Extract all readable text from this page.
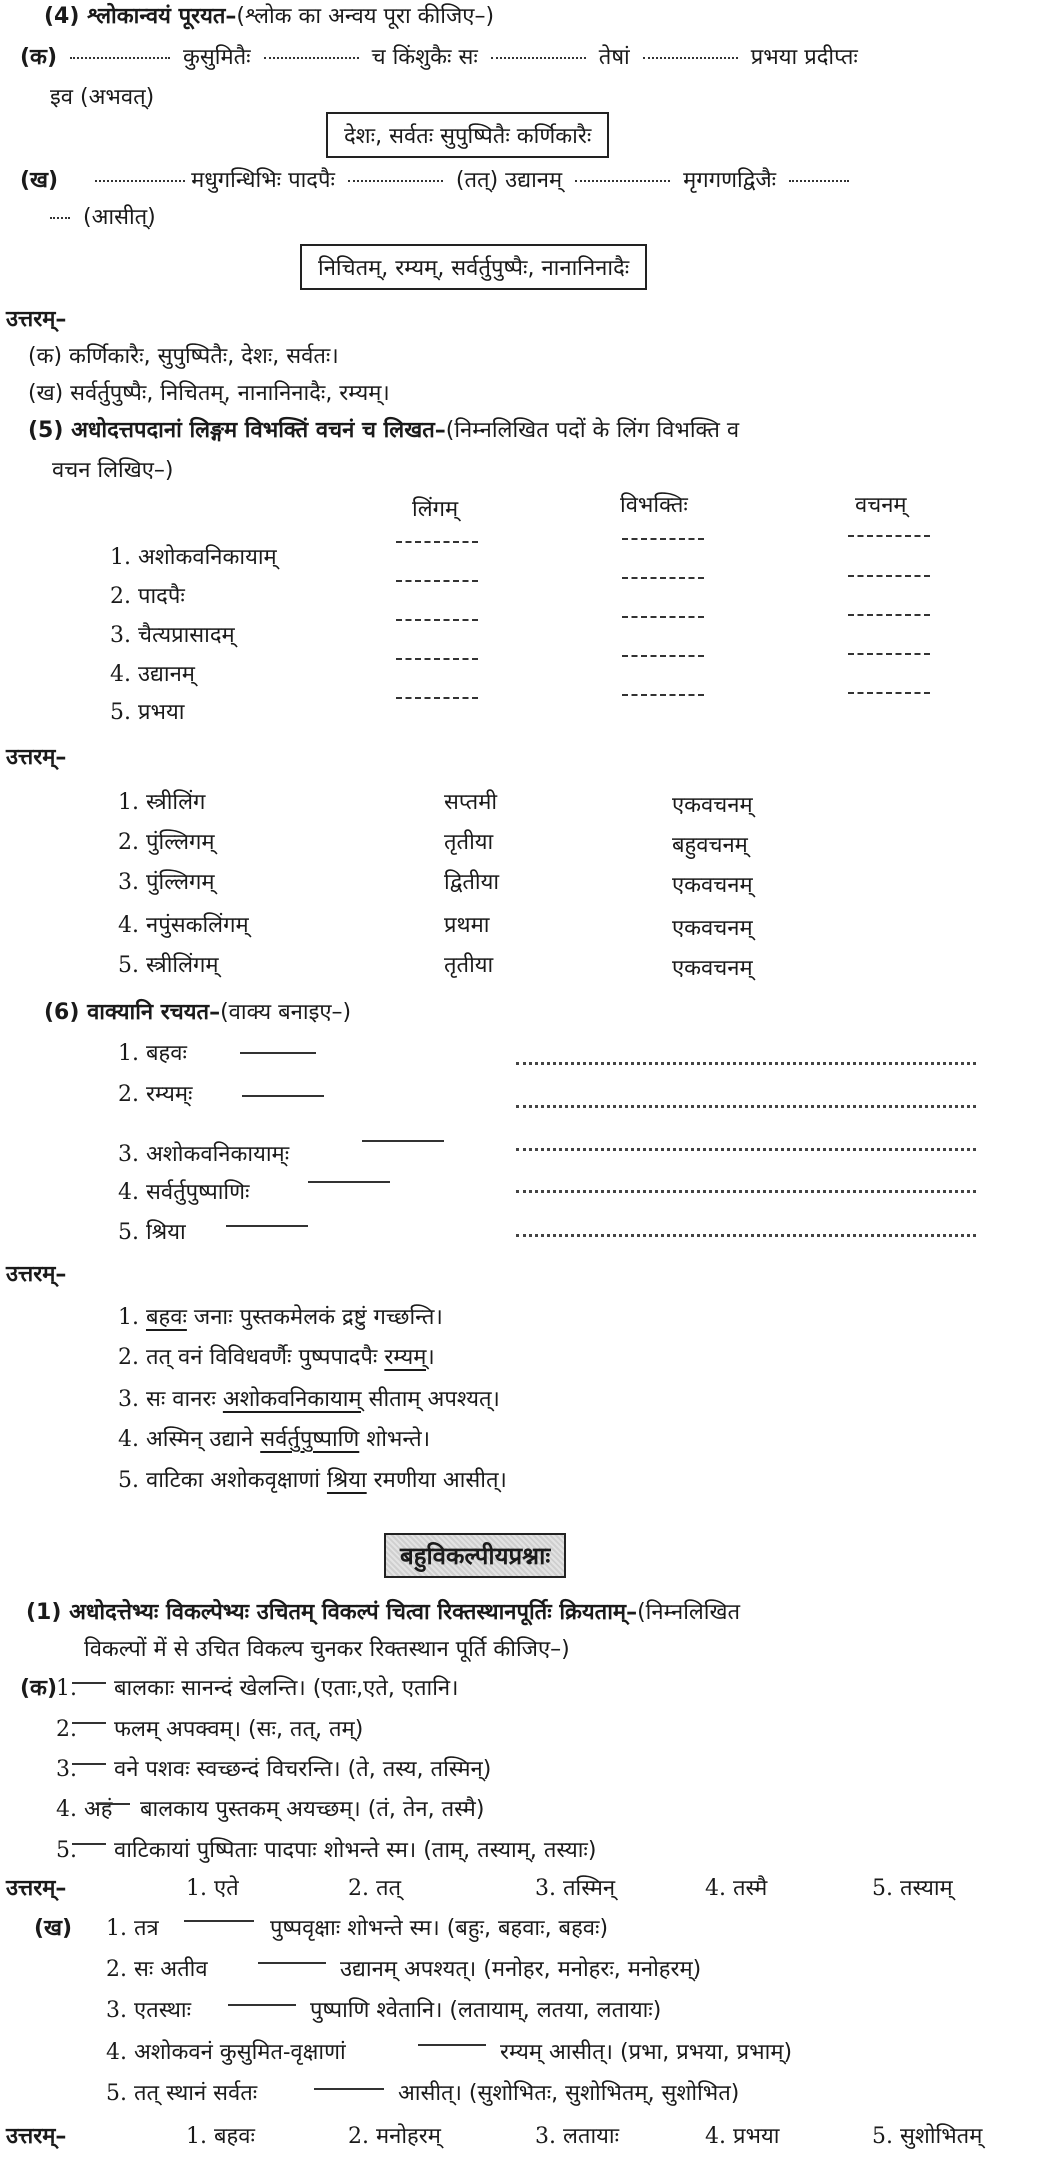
(4) श्लोकान्वयं पूरयत–(श्लोक का अन्वय पूरा कीजिए–)
(क)	कुसुमितैः	च किंशुकैः सः	तेषां	प्रभया प्रदीप्तः
इव (अभवत्)
देशः, सर्वतः सुपुष्पितैः कर्णिकारैः
(ख)	मधुगन्धिभिः पादपैः	(तत्) उद्यानम्	मृगगणद्विजैः
(आसीत्)
निचितम्, रम्यम्, सर्वर्तुपुष्पैः, नानानिनादैः
उत्तरम्–
(क) कर्णिकारैः, सुपुष्पितैः, देशः, सर्वतः।
(ख) सर्वर्तुपुष्पैः, निचितम्, नानानिनादैः, रम्यम्।
(5) अधोदत्तपदानां लिङ्गम विभक्तिं वचनं च लिखत–(निम्नलिखित पदों के लिंग विभक्ति व
वचन लिखिए–)
लिंगम्	विभक्तिः	वचनम्
1. अशोकवनिकायाम्
2. पादपैः
3. चैत्यप्रासादम्
4. उद्यानम्
5. प्रभया
उत्तरम्–
1. स्त्रीलिंग	सप्तमी	एकवचनम्
2. पुंल्लिगम्	तृतीया	बहुवचनम्
3. पुंल्लिगम्	द्वितीया	एकवचनम्
4. नपुंसकलिंगम्	प्रथमा	एकवचनम्
5. स्त्रीलिंगम्	तृतीया	एकवचनम्
(6) वाक्यानि रचयत–(वाक्य बनाइए–)
1. बहवः
2. रम्यम्ः
3. अशोकवनिकायाम्ः
4. सर्वर्तुपुष्पाणिः
5. श्रिया
उत्तरम्–
1. बहवः जनाः पुस्तकमेलकं द्रष्टुं गच्छन्ति।
2. तत् वनं विविधवर्णैः पुष्पपादपैः रम्यम्।
3. सः वानरः अशोकवनिकायाम् सीताम् अपश्यत्।
4. अस्मिन् उद्याने सर्वर्तुपुष्पाणि शोभन्ते।
5. वाटिका अशोकवृक्षाणां श्रिया रमणीया आसीत्।
बहुविकल्पीयप्रश्नाः
(1) अधोदत्तेभ्यः विकल्पेभ्यः उचितम् विकल्पं चित्वा रिक्तस्थानपूर्तिः क्रियताम्–(निम्नलिखित
विकल्पों में से उचित विकल्प चुनकर रिक्तस्थान पूर्ति कीजिए–)
(क)
1. बालकाः सानन्दं खेलन्ति। (एताः,एते, एतानि।
2. फलम् अपक्वम्। (सः, तत्, तम्)
3. वने पशवः स्वच्छन्दं विचरन्ति। (ते, तस्य, तस्मिन्)
4. अहं बालकाय पुस्तकम् अयच्छम्। (तं, तेन, तस्मै)
5. वाटिकायां पुष्पिताः पादपाः शोभन्ते स्म। (ताम्, तस्याम्, तस्याः)
उत्तरम्–	1. एते	2. तत्	3. तस्मिन्	4. तस्मै	5. तस्याम्
(ख) 1. तत्र	पुष्पवृक्षाः शोभन्ते स्म। (बहुः, बहवाः, बहवः)
2. सः अतीव	उद्यानम् अपश्यत्। (मनोहर, मनोहरः, मनोहरम्)
3. एतस्थाः	पुष्पाणि श्वेतानि। (लतायाम्, लतया, लतायाः)
4. अशोकवनं कुसुमित-वृक्षाणां	रम्यम् आसीत्। (प्रभा, प्रभया, प्रभाम्)
5. तत् स्थानं सर्वतः	आसीत्। (सुशोभितः, सुशोभितम्, सुशोभित)
उत्तरम्–	1. बहवः	2. मनोहरम्	3. लतायाः	4. प्रभया	5. सुशोभितम्
